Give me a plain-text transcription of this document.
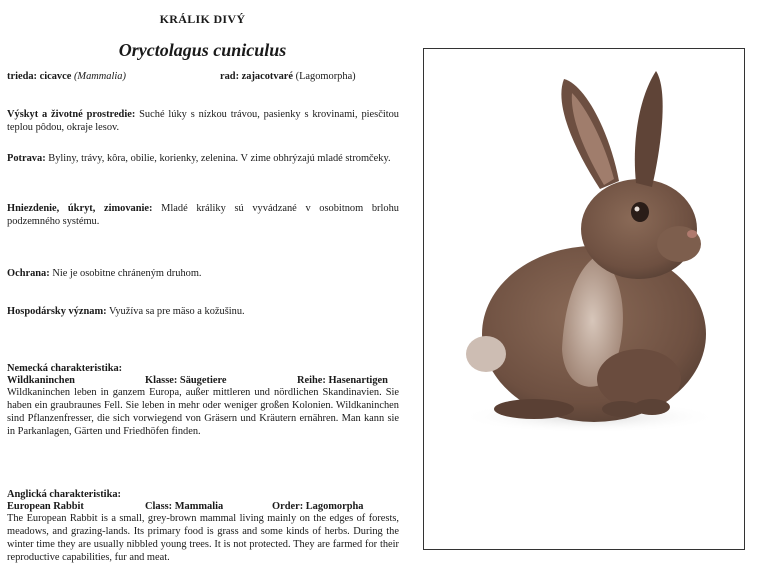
KRÁLIK DIVÝ
Oryctolagus cuniculus
trieda: cicavce (Mammalia)	rad: zajacotvaré (Lagomorpha)
Výskyt a životné prostredie: Suché lúky s nízkou trávou, pasienky s krovinami, piesčitou teplou pôdou, okraje lesov.
Potrava: Byliny, trávy, kôra, obilie, korienky, zelenina. V zime obhrýzajú mladé stromčeky.
Hniezdenie, úkryt, zimovanie: Mladé králiky sú vyvádzané v osobitnom brlohu podzemného systému.
Ochrana: Nie je osobitne chráneným druhom.
Hospodársky význam: Využíva sa pre mäso a kožušinu.
Nemecká charakteristika:
Wildkaninchen	Klasse: Säugetiere	Reihe: Hasenartigen
Wildkaninchen leben in ganzem Europa, außer mittleren und nördlichen Skandinavien. Sie haben ein graubraunes Fell. Sie leben in mehr oder weniger großen Kolonien. Wildkaninchen sind Pflanzenfresser, die sich vorwiegend von Gräsern und Kräutern ernähren. Man kann sie in Parkanlagen, Gärten und Friedhöfen finden.
Anglická charakteristika:
European Rabbit	Class: Mammalia	Order: Lagomorpha
The European Rabbit is a small, grey-brown mammal living mainly on the edges of forests, meadows, and grazing-lands. Its primary food is grass and some kinds of herbs. During the winter time they are usually nibbled young trees. It is not protected. They are farmed for their reproductive capabilities, fur and meat.
